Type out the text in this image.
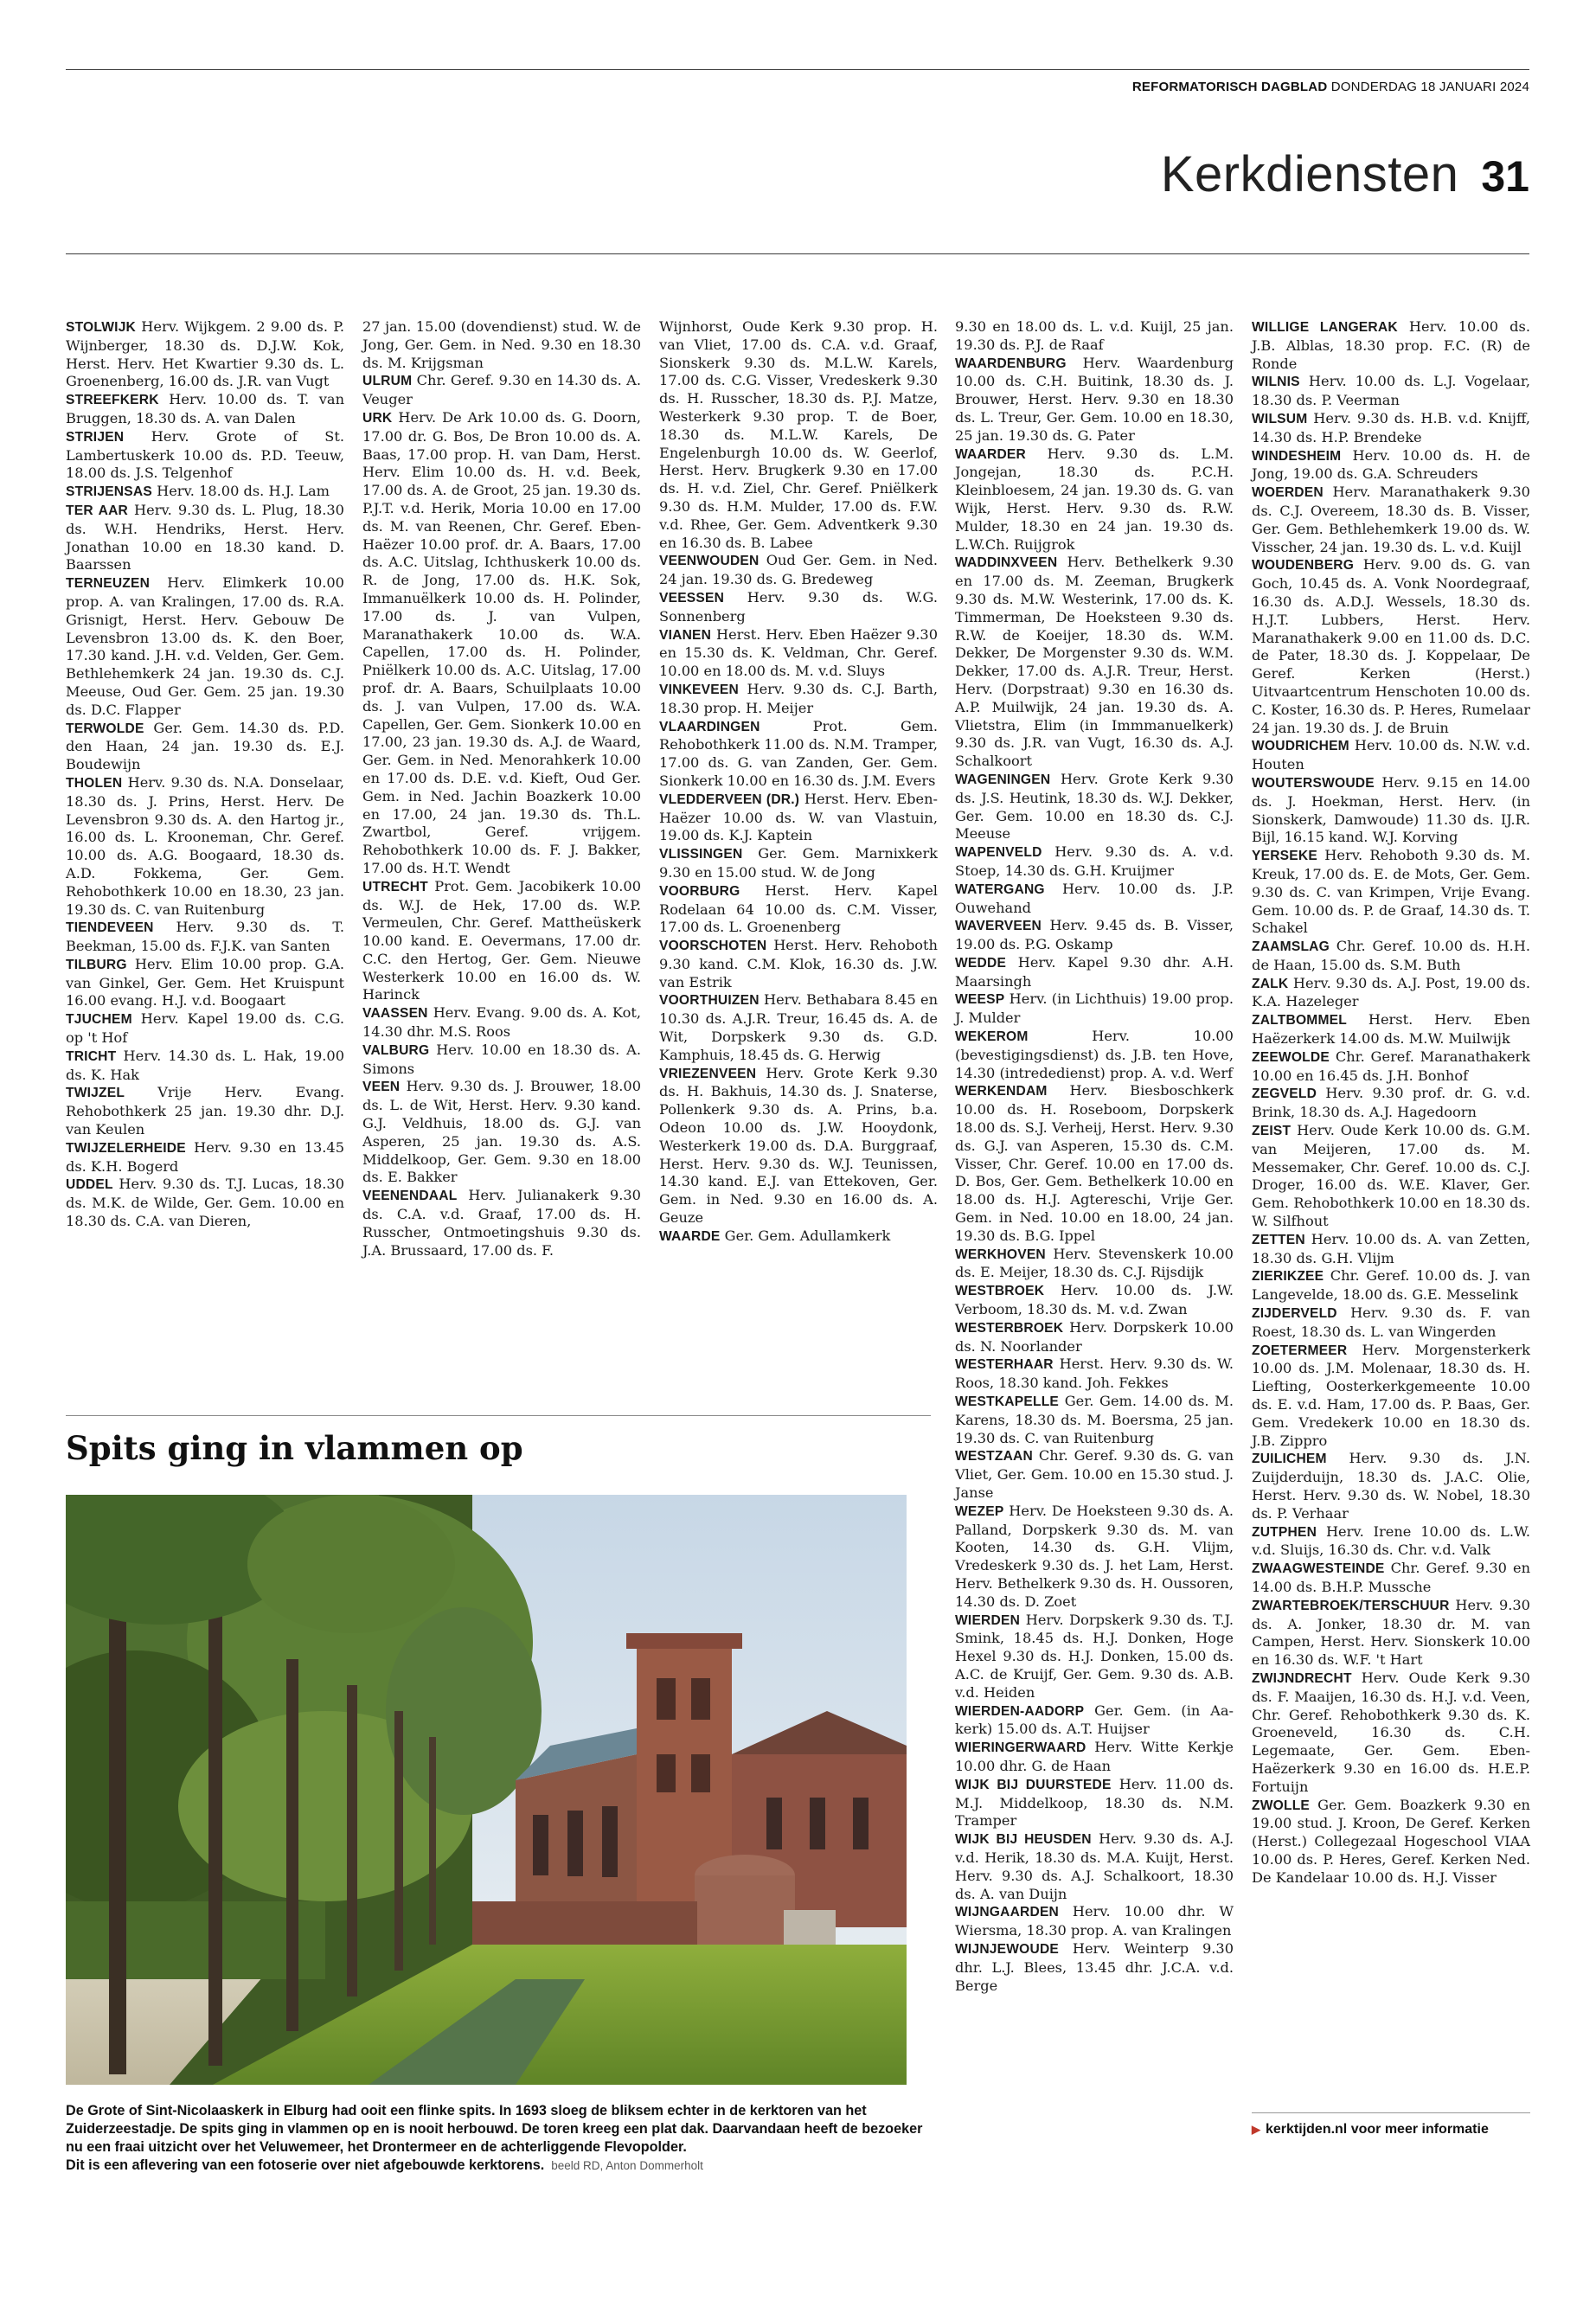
REFORMATORISCH DAGBLAD DONDERDAG 18 JANUARI 2024
Kerkdiensten 31

STOLWIJK Herv. Wijkgem. 2 9.00 ds. P. Wijnberger, 18.30 ds. D.J.W. Kok, Herst. Herv. Het Kwartier 9.30 ds. L. Groenenberg, 16.00 ds. J.R. van Vugt

STREEFKERK Herv. 10.00 ds. T. van Bruggen, 18.30 ds. A. van Dalen

STRIJEN Herv. Grote of St. Lambertuskerk 10.00 ds. P.D. Teeuw, 18.00 ds. J.S. Telgenhof

STRIJENSAS Herv. 18.00 ds. H.J. Lam

TER AAR Herv. 9.30 ds. L. Plug, 18.30 ds. W.H. Hendriks, Herst. Herv. Jonathan 10.00 en 18.30 kand. D. Baarssen

TERNEUZEN Herv. Elimkerk 10.00 prop. A. van Kralingen, 17.00 ds. R.A. Grisnigt, Herst. Herv. Gebouw De Levensbron 13.00 ds. K. den Boer, 17.30 kand. J.H. v.d. Velden, Ger. Gem. Bethlehemkerk 24 jan. 19.30 ds. C.J. Meeuse, Oud Ger. Gem. 25 jan. 19.30 ds. D.C. Flapper

TERWOLDE Ger. Gem. 14.30 ds. P.D. den Haan, 24 jan. 19.30 ds. E.J. Boudewijn

THOLEN Herv. 9.30 ds. N.A. Donselaar, 18.30 ds. J. Prins, Herst. Herv. De Levensbron 9.30 ds. A. den Hartog jr., 16.00 ds. L. Krooneman, Chr. Geref. 10.00 ds. A.G. Boogaard, 18.30 ds. A.D. Fokkema, Ger. Gem. Rehobothkerk 10.00 en 18.30, 23 jan. 19.30 ds. C. van Ruitenburg

TIENDEVEEN Herv. 9.30 ds. T. Beekman, 15.00 ds. F.J.K. van Santen

TILBURG Herv. Elim 10.00 prop. G.A. van Ginkel, Ger. Gem. Het Kruispunt 16.00 evang. H.J. v.d. Boogaart

TJUCHEM Herv. Kapel 19.00 ds. C.G. op 't Hof

TRICHT Herv. 14.30 ds. L. Hak, 19.00 ds. K. Hak

TWIJZEL Vrije Herv. Evang. Rehobothkerk 25 jan. 19.30 dhr. D.J. van Keulen

TWIJZELERHEIDE Herv. 9.30 en 13.45 ds. K.H. Bogerd

UDDEL Herv. 9.30 ds. T.J. Lucas, 18.30 ds. M.K. de Wilde, Ger. Gem. 10.00 en 18.30 ds. C.A. van Dieren,

27 jan. 15.00 (dovendienst) stud. W. de Jong, Ger. Gem. in Ned. 9.30 en 18.30 ds. M. Krijgsman

ULRUM Chr. Geref. 9.30 en 14.30 ds. A. Veuger

URK Herv. De Ark 10.00 ds. G. Doorn, 17.00 dr. G. Bos, De Bron 10.00 ds. A. Baas, 17.00 prop. H. van Dam, Herst. Herv. Elim 10.00 ds. H. v.d. Beek, 17.00 ds. A. de Groot, 25 jan. 19.30 ds. P.J.T. v.d. Herik, Moria 10.00 en 17.00 ds. M. van Reenen, Chr. Geref. Eben-Haëzer 10.00 prof. dr. A. Baars, 17.00 ds. A.C. Uitslag, Ichthuskerk 10.00 ds. R. de Jong, 17.00 ds. H.K. Sok, Immanuëlkerk 10.00 ds. H. Polinder, 17.00 ds. J. van Vulpen, Maranathakerk 10.00 ds. W.A. Capellen, 17.00 ds. H. Polinder, Pniëlkerk 10.00 ds. A.C. Uitslag, 17.00 prof. dr. A. Baars, Schuilplaats 10.00 ds. J. van Vulpen, 17.00 ds. W.A. Capellen, Ger. Gem. Sionkerk 10.00 en 17.00, 23 jan. 19.30 ds. A.J. de Waard, Ger. Gem. in Ned. Menorahkerk 10.00 en 17.00 ds. D.E. v.d. Kieft, Oud Ger. Gem. in Ned. Jachin Boazkerk 10.00 en 17.00, 24 jan. 19.30 ds. Th.L. Zwartbol, Geref. vrijgem. Rehobothkerk 10.00 ds. F. J. Bakker, 17.00 ds. H.T. Wendt

UTRECHT Prot. Gem. Jacobikerk 10.00 ds. W.J. de Hek, 17.00 ds. W.P. Vermeulen, Chr. Geref. Mattheüskerk 10.00 kand. E. Oevermans, 17.00 dr. C.C. den Hertog, Ger. Gem. Nieuwe Westerkerk 10.00 en 16.00 ds. W. Harinck

VAASSEN Herv. Evang. 9.00 ds. A. Kot, 14.30 dhr. M.S. Roos

VALBURG Herv. 10.00 en 18.30 ds. A. Simons

VEEN Herv. 9.30 ds. J. Brouwer, 18.00 ds. L. de Wit, Herst. Herv. 9.30 kand. G.J. Veldhuis, 18.00 ds. G.J. van Asperen, 25 jan. 19.30 ds. A.S. Middelkoop, Ger. Gem. 9.30 en 18.00 ds. E. Bakker

VEENENDAAL Herv. Julianakerk 9.30 ds. C.A. v.d. Graaf, 17.00 ds. H. Russcher, Ontmoetingshuis 9.30 ds. J.A. Brussaard, 17.00 ds. F.

Wijnhorst, Oude Kerk 9.30 prop. H. van Vliet, 17.00 ds. C.A. v.d. Graaf, Sionskerk 9.30 ds. M.L.W. Karels, 17.00 ds. C.G. Visser, Vredeskerk 9.30 ds. H. Russcher, 18.30 ds. P.J. Matze, Westerkerk 9.30 prop. T. de Boer, 18.30 ds. M.L.W. Karels, De Engelenburgh 10.00 ds. W. Geerlof, Herst. Herv. Brugkerk 9.30 en 17.00 ds. H. v.d. Ziel, Chr. Geref. Pniëlkerk 9.30 ds. H.M. Mulder, 17.00 ds. F.W. v.d. Rhee, Ger. Gem. Adventkerk 9.30 en 16.30 ds. B. Labee

VEENWOUDEN Oud Ger. Gem. in Ned. 24 jan. 19.30 ds. G. Bredeweg

VEESSEN Herv. 9.30 ds. W.G. Sonnenberg

VIANEN Herst. Herv. Eben Haëzer 9.30 en 15.30 ds. K. Veldman, Chr. Geref. 10.00 en 18.00 ds. M. v.d. Sluys

VINKEVEEN Herv. 9.30 ds. C.J. Barth, 18.30 prop. H. Meijer

VLAARDINGEN	Prot. Gem. Rehobothkerk 11.00 ds. N.M. Tramper, 17.00 ds. G. van Zanden, Ger. Gem. Sionkerk 10.00 en 16.30 ds. J.M. Evers

VLEDDERVEEN (DR.) Herst. Herv. Eben-Haëzer 10.00 ds. W. van Vlastuin, 19.00 ds. K.J. Kaptein

VLISSINGEN Ger. Gem. Marnixkerk 9.30 en 15.00 stud. W. de Jong

VOORBURG Herst. Herv. Kapel Rodelaan 64 10.00 ds. C.M. Visser, 17.00 ds. L. Groenenberg

VOORSCHOTEN Herst. Herv. Rehoboth 9.30 kand. C.M. Klok, 16.30 ds. J.W. van Estrik

VOORTHUIZEN Herv. Bethabara 8.45 en 10.30 ds. A.J.R. Treur, 16.45 ds. A. de Wit, Dorpskerk 9.30 ds. G.D. Kamphuis, 18.45 ds. G. Herwig

VRIEZENVEEN Herv. Grote Kerk 9.30 ds. H. Bakhuis, 14.30 ds. J. Snaterse, Pollenkerk 9.30 ds. A. Prins, b.a. Odeon 10.00 ds. J.W. Hooydonk, Westerkerk 19.00 ds. D.A. Burggraaf, Herst. Herv. 9.30 ds. W.J. Teunissen, 14.30 kand. E.J. van Ettekoven, Ger. Gem. in Ned. 9.30 en 16.00 ds. A. Geuze

WAARDE Ger. Gem. Adullamkerk

9.30 en 18.00 ds. L. v.d. Kuijl, 25 jan. 19.30 ds. P.J. de Raaf

WAARDENBURG Herv. Waardenburg 10.00 ds. C.H. Buitink, 18.30 ds. J. Brouwer, Herst. Herv. 9.30 en 18.30 ds. L. Treur, Ger. Gem. 10.00 en 18.30, 25 jan. 19.30 ds. G. Pater

WAARDER Herv. 9.30 ds. L.M. Jongejan, 18.30 ds. P.C.H. Kleinbloesem, 24 jan. 19.30 ds. G. van Wijk, Herst. Herv. 9.30 ds. R.W. Mulder, 18.30 en 24 jan. 19.30 ds. L.W.Ch. Ruijgrok

WADDINXVEEN Herv. Bethelkerk 9.30 en 17.00 ds. M. Zeeman, Brugkerk 9.30 ds. M.W. Westerink, 17.00 ds. K. Timmerman, De Hoeksteen 9.30 ds. R.W. de Koeijer, 18.30 ds. W.M. Dekker, De Morgenster 9.30 ds. W.M. Dekker, 17.00 ds. A.J.R. Treur, Herst. Herv. (Dorpstraat) 9.30 en 16.30 ds. A.P. Muilwijk, 24 jan. 19.30 ds. A. Vlietstra, Elim (in Immmanuelkerk) 9.30 ds. J.R. van Vugt, 16.30 ds. A.J. Schalkoort

WAGENINGEN Herv. Grote Kerk 9.30 ds. J.S. Heutink, 18.30 ds. W.J. Dekker, Ger. Gem. 10.00 en 18.30 ds. C.J. Meeuse

WAPENVELD Herv. 9.30 ds. A. v.d. Stoep, 14.30 ds. G.H. Kruijmer

WATERGANG Herv. 10.00 ds. J.P. Ouwehand

WAVERVEEN Herv. 9.45 ds. B. Visser, 19.00 ds. P.G. Oskamp

WEDDE Herv. Kapel 9.30 dhr. A.H. Maarsingh

WEESP Herv. (in Lichthuis) 19.00 prop. J. Mulder

WEKEROM	Herv. 10.00 (bevestigingsdienst) ds. J.B. ten Hove, 14.30 (intrededienst) prop. A. v.d. Werf

WERKENDAM Herv. Biesboschkerk 10.00 ds. H. Roseboom, Dorpskerk 18.00 ds. S.J. Verheij, Herst. Herv. 9.30 ds. G.J. van Asperen, 15.30 ds. C.M. Visser, Chr. Geref. 10.00 en 17.00 ds. D. Bos, Ger. Gem. Bethelkerk 10.00 en 18.00 ds. H.J. Agtereschi, Vrije Ger. Gem. in Ned. 10.00 en 18.00, 24 jan. 19.30 ds. B.G. Ippel

WERKHOVEN Herv. Stevenskerk 10.00 ds. E. Meijer, 18.30 ds. C.J. Rijsdijk

WESTBROEK Herv. 10.00 ds. J.W. Verboom, 18.30 ds. M. v.d. Zwan

WESTERBROEK Herv. Dorpskerk 10.00 ds. N. Noorlander

WESTERHAAR Herst. Herv. 9.30 ds. W. Roos, 18.30 kand. Joh. Fekkes

WESTKAPELLE Ger. Gem. 14.00 ds. M. Karens, 18.30 ds. M. Boersma, 25 jan. 19.30 ds. C. van Ruitenburg

WESTZAAN Chr. Geref. 9.30 ds. G. van Vliet, Ger. Gem. 10.00 en 15.30 stud. J. Janse

WEZEP Herv. De Hoeksteen 9.30 ds. A. Palland, Dorpskerk 9.30 ds. M. van Kooten, 14.30 ds. G.H. Vlijm, Vredeskerk 9.30 ds. J. het Lam, Herst. Herv. Bethelkerk 9.30 ds. H. Oussoren, 14.30 ds. D. Zoet

WIERDEN Herv. Dorpskerk 9.30 ds. T.J. Smink, 18.45 ds. H.J. Donken, Hoge Hexel 9.30 ds. H.J. Donken, 15.00 ds. A.C. de Kruijf, Ger. Gem. 9.30 ds. A.B. v.d. Heiden

WIERDEN-AADORP Ger. Gem. (in Aa-kerk) 15.00 ds. A.T. Huijser

WIERINGERWAARD Herv. Witte Kerkje 10.00 dhr. G. de Haan

WIJK BIJ DUURSTEDE Herv. 11.00 ds. M.J. Middelkoop, 18.30 ds. N.M. Tramper

WIJK BIJ HEUSDEN Herv. 9.30 ds. A.J. v.d. Herik, 18.30 ds. M.A. Kuijt, Herst. Herv. 9.30 ds. A.J. Schalkoort, 18.30 ds. A. van Duijn

WIJNGAARDEN Herv. 10.00 dhr. W Wiersma, 18.30 prop. A. van Kralingen

WIJNJEWOUDE Herv. Weinterp 9.30 dhr. L.J. Blees, 13.45 dhr. J.C.A. v.d. Berge

WILLIGE LANGERAK Herv. 10.00 ds. J.B. Alblas, 18.30 prop. F.C. (R) de Ronde

WILNIS Herv. 10.00 ds. L.J. Vogelaar, 18.30 ds. P. Veerman

WILSUM Herv. 9.30 ds. H.B. v.d. Knijff, 14.30 ds. H.P. Brendeke

WINDESHEIM Herv. 10.00 ds. H. de Jong, 19.00 ds. G.A. Schreuders

WOERDEN Herv. Maranathakerk 9.30 ds. C.J. Overeem, 18.30 ds. B. Visser, Ger. Gem. Bethlehemkerk 19.00 ds. W. Visscher, 24 jan. 19.30 ds. L. v.d. Kuijl

WOUDENBERG Herv. 9.00 ds. G. van Goch, 10.45 ds. A. Vonk Noordegraaf, 16.30 ds. A.D.J. Wessels, 18.30 ds. H.J.T. Lubbers, Herst. Herv. Maranathakerk 9.00 en 11.00 ds. D.C. de Pater, 18.30 ds. J. Koppelaar, De Geref. Kerken (Herst.) Uitvaartcentrum Henschoten 10.00 ds. C. Koster, 16.30 ds. P. Heres, Rumelaar 24 jan. 19.30 ds. J. de Bruin

WOUDRICHEM Herv. 10.00 ds. N.W. v.d. Houten

WOUTERSWOUDE Herv. 9.15 en 14.00 ds. J. Hoekman, Herst. Herv. (in Sionskerk, Damwoude) 11.30 ds. IJ.R. Bijl, 16.15 kand. W.J. Korving

YERSEKE Herv. Rehoboth 9.30 ds. M. Kreuk, 17.00 ds. E. de Mots, Ger. Gem. 9.30 ds. C. van Krimpen, Vrije Evang. Gem. 10.00 ds. P. de Graaf, 14.30 ds. T. Schakel

ZAAMSLAG Chr. Geref. 10.00 ds. H.H. de Haan, 15.00 ds. S.M. Buth

ZALK Herv. 9.30 ds. A.J. Post, 19.00 ds. K.A. Hazeleger

ZALTBOMMEL Herst. Herv. Eben Haëzerkerk 14.00 ds. M.W. Muilwijk

ZEEWOLDE Chr. Geref. Maranathakerk 10.00 en 16.45 ds. J.H. Bonhof

ZEGVELD Herv. 9.30 prof. dr. G. v.d. Brink, 18.30 ds. A.J. Hagedoorn

ZEIST Herv. Oude Kerk 10.00 ds. G.M. van Meijeren, 17.00 ds. M. Messemaker, Chr. Geref. 10.00 ds. C.J. Droger, 16.00 ds. W.E. Klaver, Ger. Gem. Rehobothkerk 10.00 en 18.30 ds. W. Silfhout

ZETTEN Herv. 10.00 ds. A. van Zetten, 18.30 ds. G.H. Vlijm

ZIERIKZEE Chr. Geref. 10.00 ds. J. van Langevelde, 18.00 ds. G.E. Messelink

ZIJDERVELD Herv. 9.30 ds. F. van Roest, 18.30 ds. L. van Wingerden

ZOETERMEER Herv. Morgensterkerk 10.00 ds. J.M. Molenaar, 18.30 ds. H. Liefting, Oosterkerkgemeente 10.00 ds. E. v.d. Ham, 17.00 ds. P. Baas, Ger. Gem. Vredekerk 10.00 en 18.30 ds. J.B. Zippro

ZUILICHEM Herv. 9.30 ds. J.N. Zuijderduijn, 18.30 ds. J.A.C. Olie, Herst. Herv. 9.30 ds. W. Nobel, 18.30 ds. P. Verhaar

ZUTPHEN Herv. Irene 10.00 ds. L.W. v.d. Sluijs, 16.30 ds. Chr. v.d. Valk

ZWAAGWESTEINDE Chr. Geref. 9.30 en 14.00 ds. B.H.P. Mussche

ZWARTEBROEK/TERSCHUUR Herv. 9.30 ds. A. Jonker, 18.30 dr. M. van Campen, Herst. Herv. Sionskerk 10.00 en 16.30 ds. W.F. 't Hart

ZWIJNDRECHT Herv. Oude Kerk 9.30 ds. F. Maaijen, 16.30 ds. H.J. v.d. Veen, Chr. Geref. Rehobothkerk 9.30 ds. K. Groeneveld, 16.30 ds. C.H. Legemaate, Ger. Gem. Eben-Haëzerkerk 9.30 en 16.00 ds. H.E.P. Fortuijn

ZWOLLE Ger. Gem. Boazkerk 9.30 en 19.00 stud. J. Kroon, De Geref. Kerken (Herst.) Collegezaal Hogeschool VIAA 10.00 ds. P. Heres, Geref. Kerken Ned. De Kandelaar 10.00 ds. H.J. Visser

Spits ging in vlammen op

De Grote of Sint-Nicolaaskerk in Elburg had ooit een flinke spits. In 1693 sloeg de bliksem echter in de kerktoren van het Zuiderzeestadje. De spits ging in vlammen op en is nooit herbouwd. De toren kreeg een plat dak. Daarvandaan heeft de bezoeker nu een fraai uitzicht over het Veluwemeer, het Drontermeer en de achterliggende Flevopolder.

Dit is een aflevering van een fotoserie over niet afgebouwde kerktorens. beeld RD, Anton Dommerholt

▶ kerktijden.nl voor meer informatie
